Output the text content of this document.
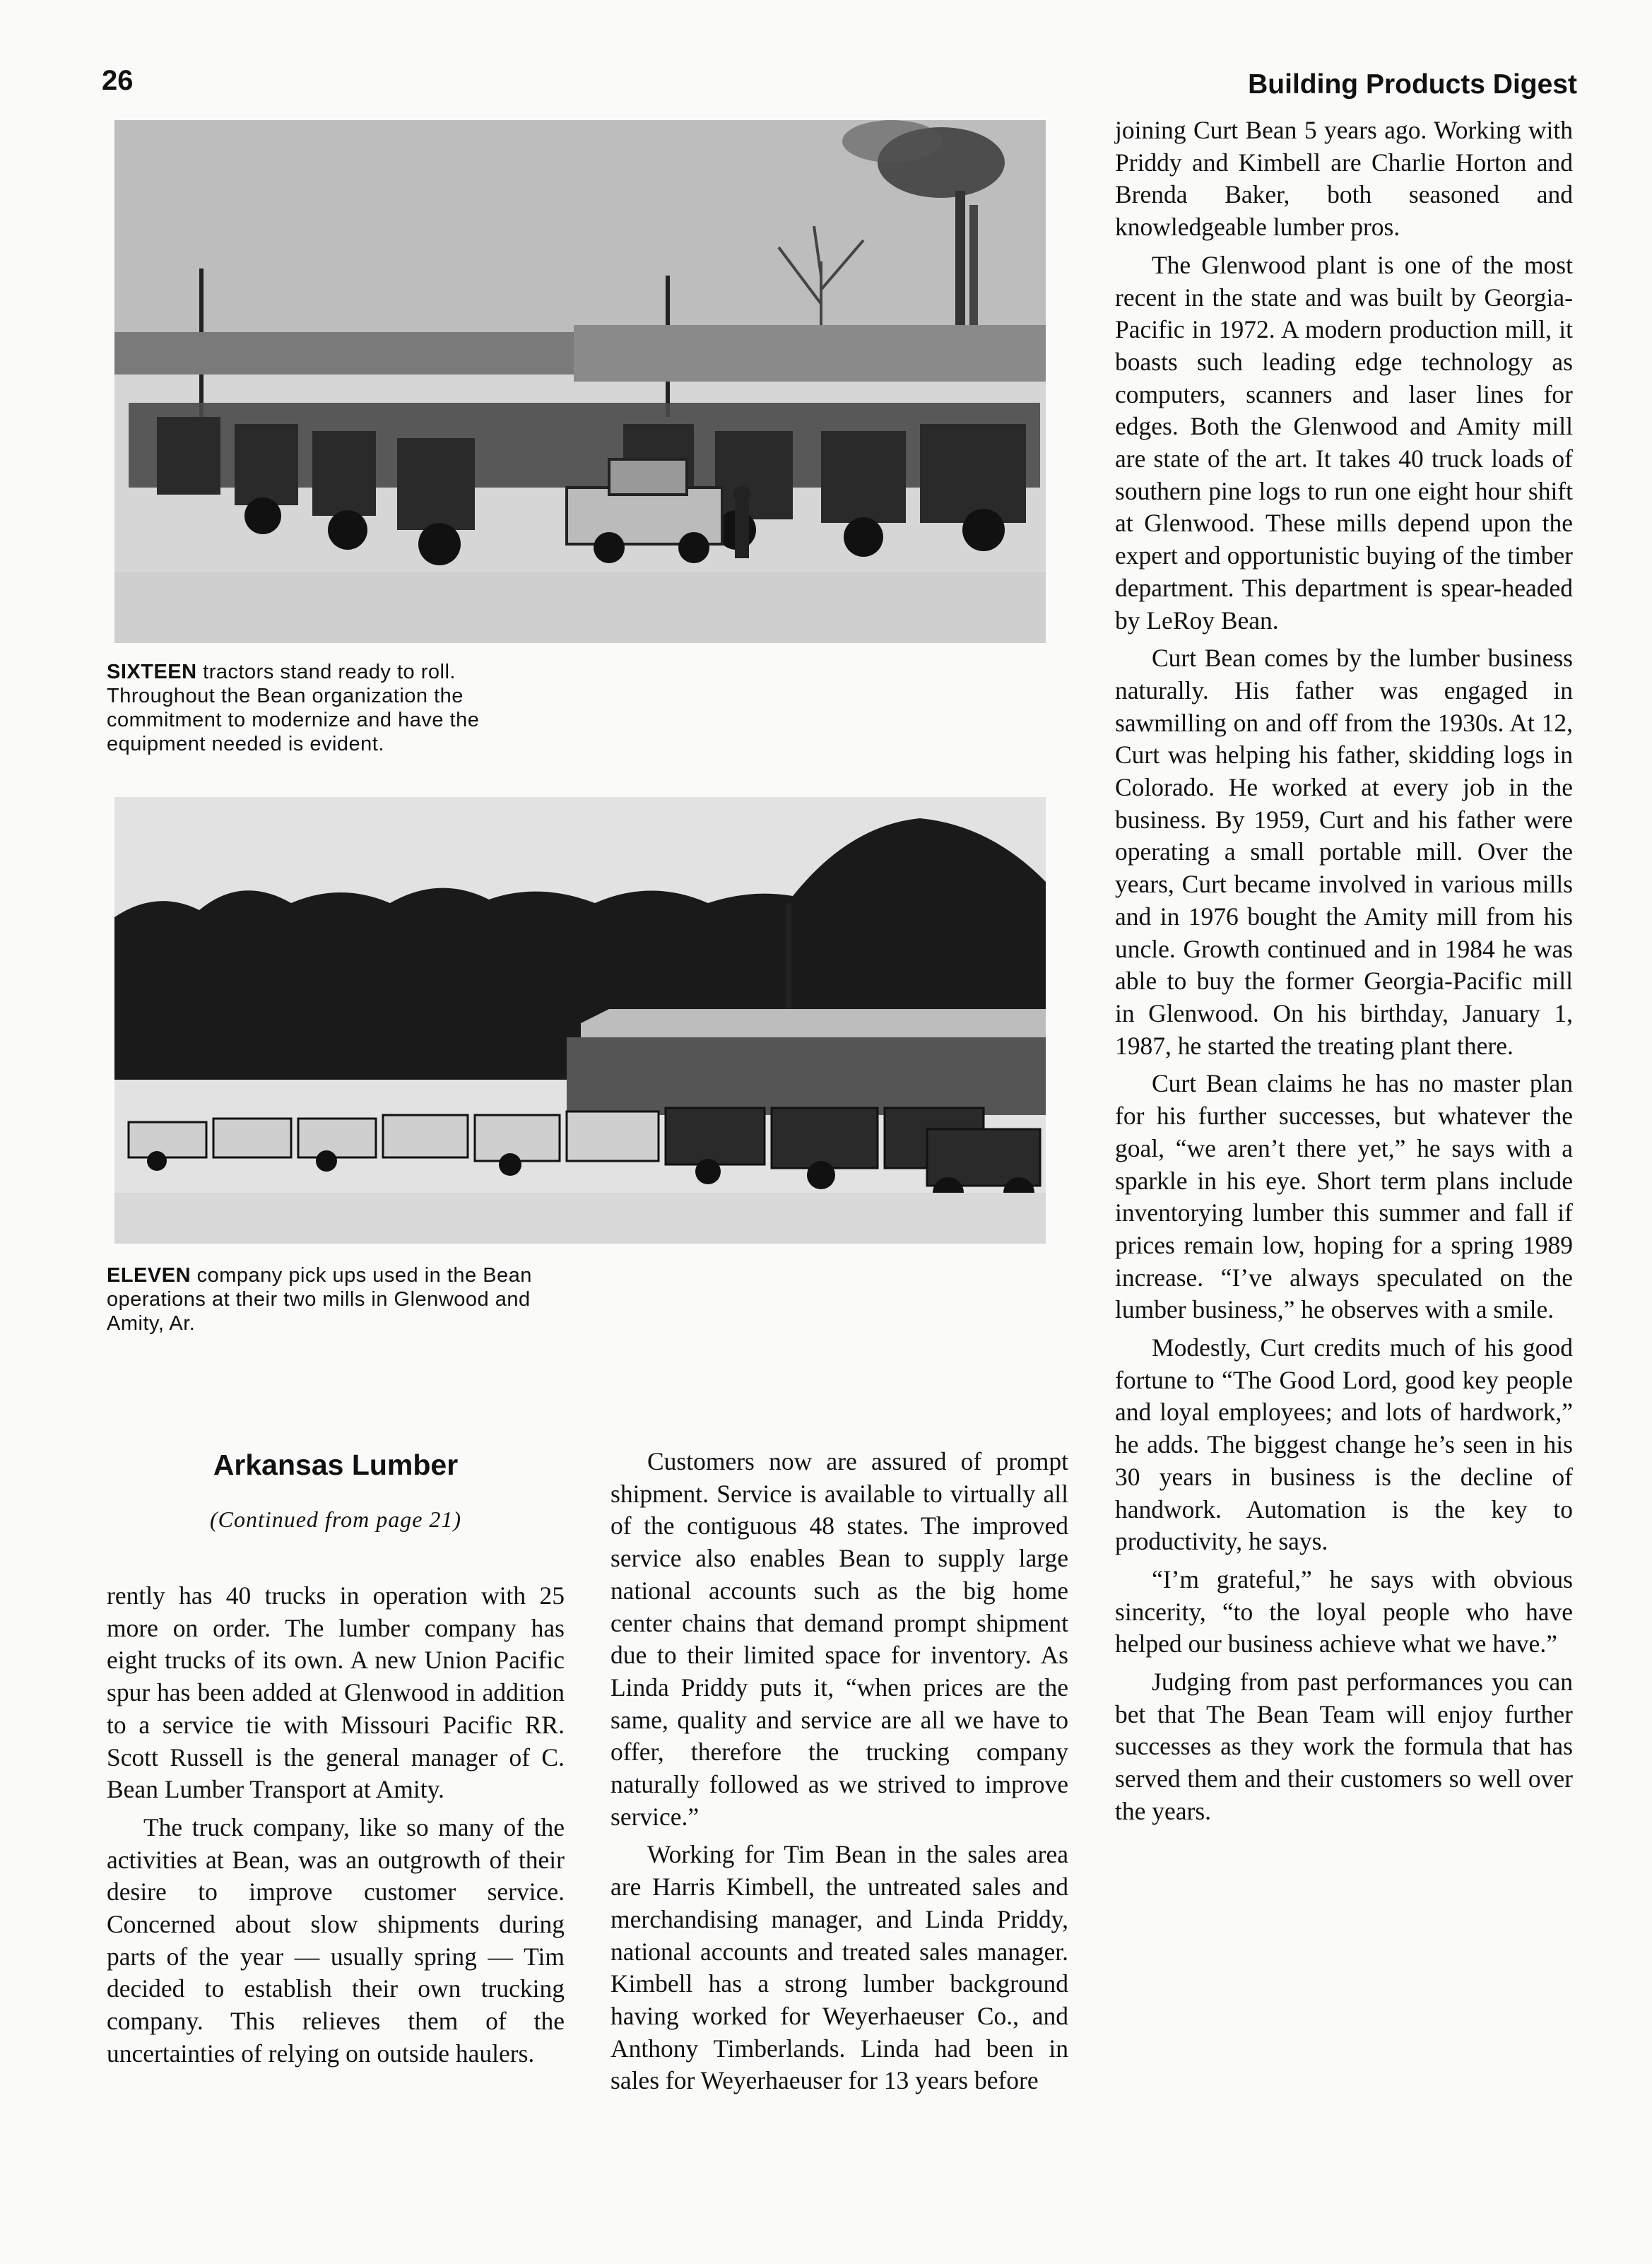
26	Building Products Digest
SIXTEEN tractors stand ready to roll. Throughout the Bean organization the commitment to modernize and have the equipment needed is evident.
ELEVEN company pick ups used in the Bean operations at their two mills in Glenwood and Amity, Ar.
Arkansas Lumber
(Continued from page 21)

rently has 40 trucks in operation with 25 more on order. The lumber company has eight trucks of its own. A new Union Pacific spur has been added at Glenwood in addition to a service tie with Missouri Pacific RR. Scott Russell is the general manager of C. Bean Lumber Transport at Amity.

The truck company, like so many of the activities at Bean, was an outgrowth of their desire to improve customer service. Concerned about slow shipments during parts of the year — usually spring — Tim decided to establish their own trucking company. This relieves them of the uncertainties of relying on outside haulers.

Customers now are assured of prompt shipment. Service is available to virtually all of the contiguous 48 states. The improved service also enables Bean to supply large national accounts such as the big home center chains that demand prompt shipment due to their limited space for inventory. As Linda Priddy puts it, “when prices are the same, quality and service are all we have to offer, therefore the trucking company naturally followed as we strived to improve service.”

Working for Tim Bean in the sales area are Harris Kimbell, the untreated sales and merchandising manager, and Linda Priddy, national accounts and treated sales manager. Kimbell has a strong lumber background having worked for Weyerhaeuser Co., and Anthony Timberlands. Linda had been in sales for Weyerhaeuser for 13 years before

joining Curt Bean 5 years ago. Working with Priddy and Kimbell are Charlie Horton and Brenda Baker, both seasoned and knowledgeable lumber pros.

The Glenwood plant is one of the most recent in the state and was built by Georgia-Pacific in 1972. A modern production mill, it boasts such leading edge technology as computers, scanners and laser lines for edges. Both the Glenwood and Amity mill are state of the art. It takes 40 truck loads of southern pine logs to run one eight hour shift at Glenwood. These mills depend upon the expert and opportunistic buying of the timber department. This department is spear-headed by LeRoy Bean.

Curt Bean comes by the lumber business naturally. His father was engaged in sawmilling on and off from the 1930s. At 12, Curt was helping his father, skidding logs in Colorado. He worked at every job in the business. By 1959, Curt and his father were operating a small portable mill. Over the years, Curt became involved in various mills and in 1976 bought the Amity mill from his uncle. Growth continued and in 1984 he was able to buy the former Georgia-Pacific mill in Glenwood. On his birthday, January 1, 1987, he started the treating plant there.

Curt Bean claims he has no master plan for his further successes, but whatever the goal, “we aren’t there yet,” he says with a sparkle in his eye. Short term plans include inventorying lumber this summer and fall if prices remain low, hoping for a spring 1989 increase. “I’ve always speculated on the lumber business,” he observes with a smile.

Modestly, Curt credits much of his good fortune to “The Good Lord, good key people and loyal employees; and lots of hardwork,” he adds. The biggest change he’s seen in his 30 years in business is the decline of handwork. Automation is the key to productivity, he says.

“I’m grateful,” he says with obvious sincerity, “to the loyal people who have helped our business achieve what we have.”

Judging from past performances you can bet that The Bean Team will enjoy further successes as they work the formula that has served them and their customers so well over the years.
